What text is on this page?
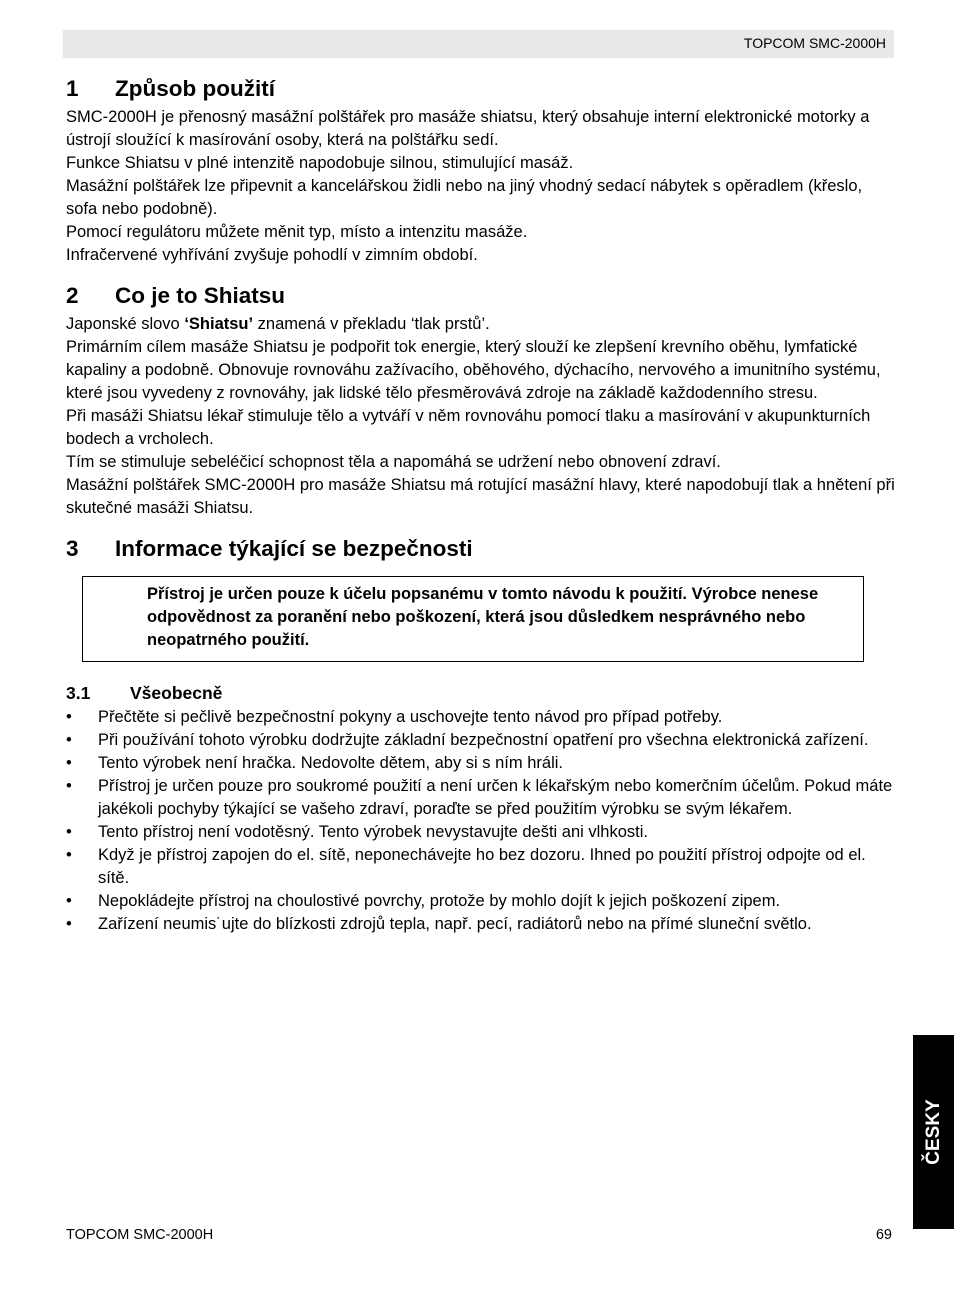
TOPCOM SMC-2000H
1	Způsob použití

SMC-2000H je přenosný masážní polštářek pro masáže shiatsu, který obsahuje interní elektronické motorky a ústrojí sloužící k masírování osoby, která na polštářku sedí.

Funkce Shiatsu v plné intenzitě napodobuje silnou, stimulující masáž.

Masážní polštářek lze připevnit a kancelářskou židli nebo na jiný vhodný sedací nábytek s opěradlem (křeslo, sofa nebo podobně).

Pomocí regulátoru můžete měnit typ, místo a intenzitu masáže.

Infračervené vyhřívání zvyšuje pohodlí v zimním období.

2	Co je to Shiatsu

Japonské slovo ‘Shiatsu’ znamená v překladu ‘tlak prstů’.

Primárním cílem masáže Shiatsu je podpořit tok energie, který slouží ke zlepšení krevního oběhu, lymfatické kapaliny a podobně. Obnovuje rovnováhu zažívacího, oběhového, dýchacího, nervového a imunitního systému, které jsou vyvedeny z rovnováhy, jak lidské tělo přesměrovává zdroje na základě každodenního stresu.

Při masáži Shiatsu lékař stimuluje tělo a vytváří v něm rovnováhu pomocí tlaku a masírování v akupunkturních bodech a vrcholech.

Tím se stimuluje sebeléčicí schopnost těla a napomáhá se udržení nebo obnovení zdraví.

Masážní polštářek SMC-2000H pro masáže Shiatsu má rotující masážní hlavy, které napodobují tlak a hnětení při skutečné masáži Shiatsu.

3	Informace týkající se bezpečnosti
Přístroj je určen pouze k účelu popsanému v tomto návodu k použití. Výrobce nenese odpovědnost za poranění nebo poškození, která jsou důsledkem nesprávného nebo neopatrného použití.
3.1	Všeobecně
• Přečtěte si pečlivě bezpečnostní pokyny a uschovejte tento návod pro případ potřeby.
• Při používání tohoto výrobku dodržujte základní bezpečnostní opatření pro všechna elektronická zařízení.
• Tento výrobek není hračka. Nedovolte dětem, aby si s ním hráli.
• Přístroj je určen pouze pro soukromé použití a není určen k lékařským nebo komerčním účelům. Pokud máte jakékoli pochyby týkající se vašeho zdraví, poraďte se před použitím výrobku se svým lékařem.
• Tento přístroj není vodotěsný. Tento výrobek nevystavujte dešti ani vlhkosti.
• Když je přístroj zapojen do el. sítě, neponechávejte ho bez dozoru. Ihned po použití přístroj odpojte od el. sítě.
• Nepokládejte přístroj na choulostivé povrchy, protože by mohlo dojít k jejich poškození zipem.
• Zařízení neumis˙ujte do blízkosti zdrojů tepla, např. pecí, radiátorů nebo na přímé sluneční světlo.
ČESKY
TOPCOM SMC-2000H	69
